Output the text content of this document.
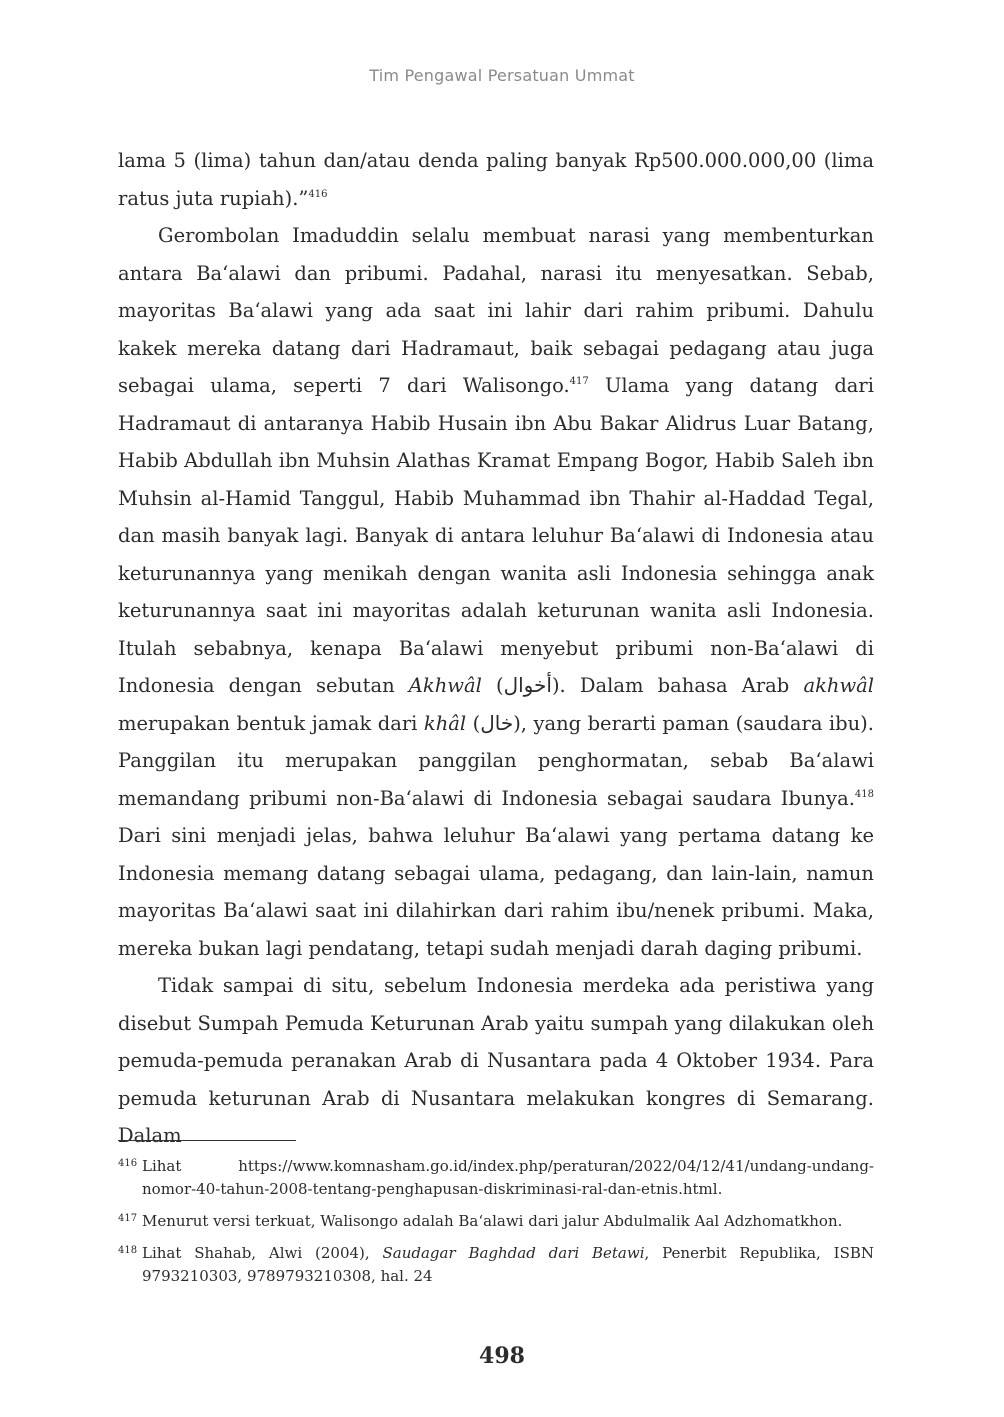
Tim Pengawal Persatuan Ummat

lama 5 (lima) tahun dan/atau denda paling banyak Rp500.000.000,00 (lima ratus juta rupiah).”$^{416}$

Gerombolan Imaduddin selalu membuat narasi yang membenturkan antara Baʻalawi dan pribumi. Padahal, narasi itu menyesatkan. Sebab, mayoritas Baʻalawi yang ada saat ini lahir dari rahim pribumi. Dahulu kakek mereka datang dari Hadramaut, baik sebagai pedagang atau juga sebagai ulama, seperti 7 dari Walisongo.$^{417}$ Ulama yang datang dari Hadramaut di antaranya Habib Husain ibn Abu Bakar Alidrus Luar Batang, Habib Abdullah ibn Muhsin Alathas Kramat Empang Bogor, Habib Saleh ibn Muhsin al-Hamid Tanggul, Habib Muhammad ibn Thahir al-Haddad Tegal, dan masih banyak lagi. Banyak di antara leluhur Baʻalawi di Indonesia atau keturunannya yang menikah dengan wanita asli Indonesia sehingga anak keturunannya saat ini mayoritas adalah keturunan wanita asli Indonesia. Itulah sebabnya, kenapa Baʻalawi menyebut pribumi non-Baʻalawi di Indonesia dengan sebutan Akhwâl (أخوال). Dalam bahasa Arab akhwâl merupakan bentuk jamak dari khâl (خال), yang berarti paman (saudara ibu). Panggilan itu merupakan panggilan penghormatan, sebab Baʻalawi memandang pribumi non-Baʻalawi di Indonesia sebagai saudara Ibunya.$^{418}$ Dari sini menjadi jelas, bahwa leluhur Baʻalawi yang pertama datang ke Indonesia memang datang sebagai ulama, pedagang, dan lain-lain, namun mayoritas Baʻalawi saat ini dilahirkan dari rahim ibu/nenek pribumi. Maka, mereka bukan lagi pendatang, tetapi sudah menjadi darah daging pribumi.

Tidak sampai di situ, sebelum Indonesia merdeka ada peristiwa yang disebut Sumpah Pemuda Keturunan Arab yaitu sumpah yang dilakukan oleh pemuda-pemuda peranakan Arab di Nusantara pada 4 Oktober 1934. Para pemuda keturunan Arab di Nusantara melakukan kongres di Semarang. Dalam

416 Lihat https://www.komnasham.go.id/index.php/peraturan/2022/04/12/41/undang-undang-nomor-40-tahun-2008-tentang-penghapusan-diskriminasi-ral-dan-etnis.html.
417 Menurut versi terkuat, Walisongo adalah Baʻalawi dari jalur Abdulmalik Aal Adzhomatkhon.
418 Lihat Shahab, Alwi (2004), Saudagar Baghdad dari Betawi, Penerbit Republika, ISBN 9793210303, 9789793210308, hal. 24
498
